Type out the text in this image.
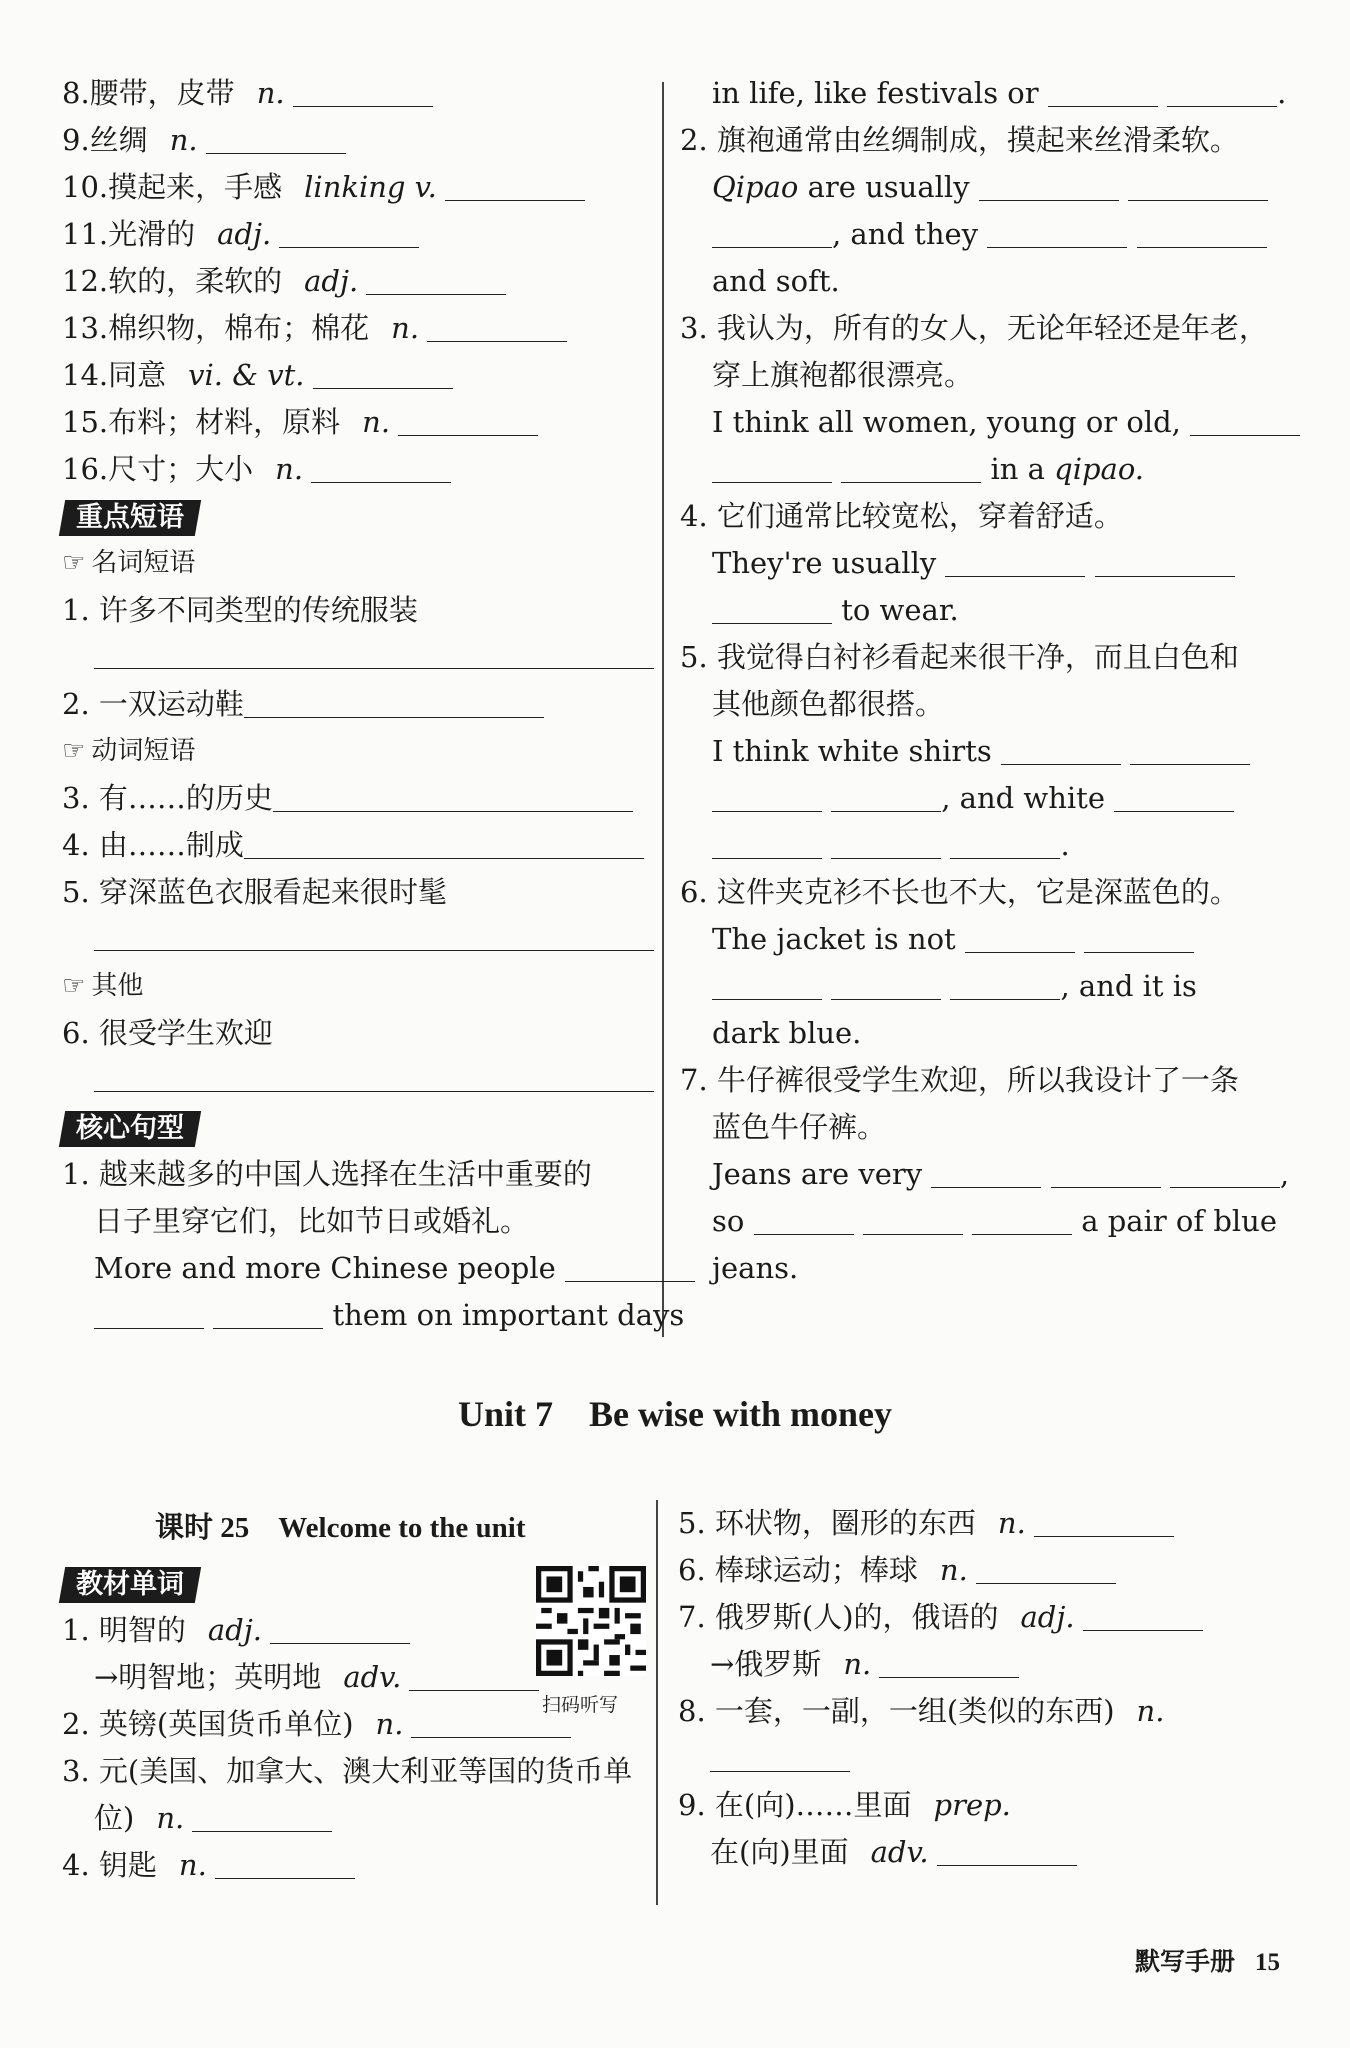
8.腰带，皮带 n.
9.丝绸 n.
10.摸起来，手感 linking v.
11.光滑的 adj.
12.软的，柔软的 adj.
13.棉织物，棉布；棉花 n.
14.同意 vi. & vt.
15.布料；材料，原料 n.
16.尺寸；大小 n.
重点短语
☞ 名词短语
1. 许多不同类型的传统服装
2. 一双运动鞋
☞ 动词短语
3. 有……的历史
4. 由……制成
5. 穿深蓝色衣服看起来很时髦
☞ 其他
6. 很受学生欢迎
核心句型
1. 越来越多的中国人选择在生活中重要的
日子里穿它们，比如节日或婚礼。
More and more Chinese people
them on important days
in life, like festivals or	.
2. 旗袍通常由丝绸制成，摸起来丝滑柔软。
Qipao are usually
, and they
and soft.
3. 我认为，所有的女人，无论年轻还是年老，
穿上旗袍都很漂亮。
I think all women, young or old,
in a qipao.
4. 它们通常比较宽松，穿着舒适。
They're usually
to wear.
5. 我觉得白衬衫看起来很干净，而且白色和
其他颜色都很搭。
I think white shirts
, and white
.
6. 这件夹克衫不长也不大，它是深蓝色的。
The jacket is not
, and it is
dark blue.
7. 牛仔裤很受学生欢迎，所以我设计了一条
蓝色牛仔裤。
Jeans are very	,
so	a pair of blue
jeans.
Unit 7    Be wise with money
课时 25    Welcome to the unit
扫码听写
教材单词
1. 明智的 adj.
→明智地；英明地 adv.
2. 英镑(英国货币单位) n.
3. 元(美国、加拿大、澳大利亚等国的货币单
位) n.
4. 钥匙 n.
5. 环状物，圈形的东西 n.
6. 棒球运动；棒球 n.
7. 俄罗斯(人)的，俄语的 adj.
→俄罗斯 n.
8. 一套，一副，一组(类似的东西) n.
9. 在(向)……里面 prep.
在(向)里面 adv.
默写手册 15
